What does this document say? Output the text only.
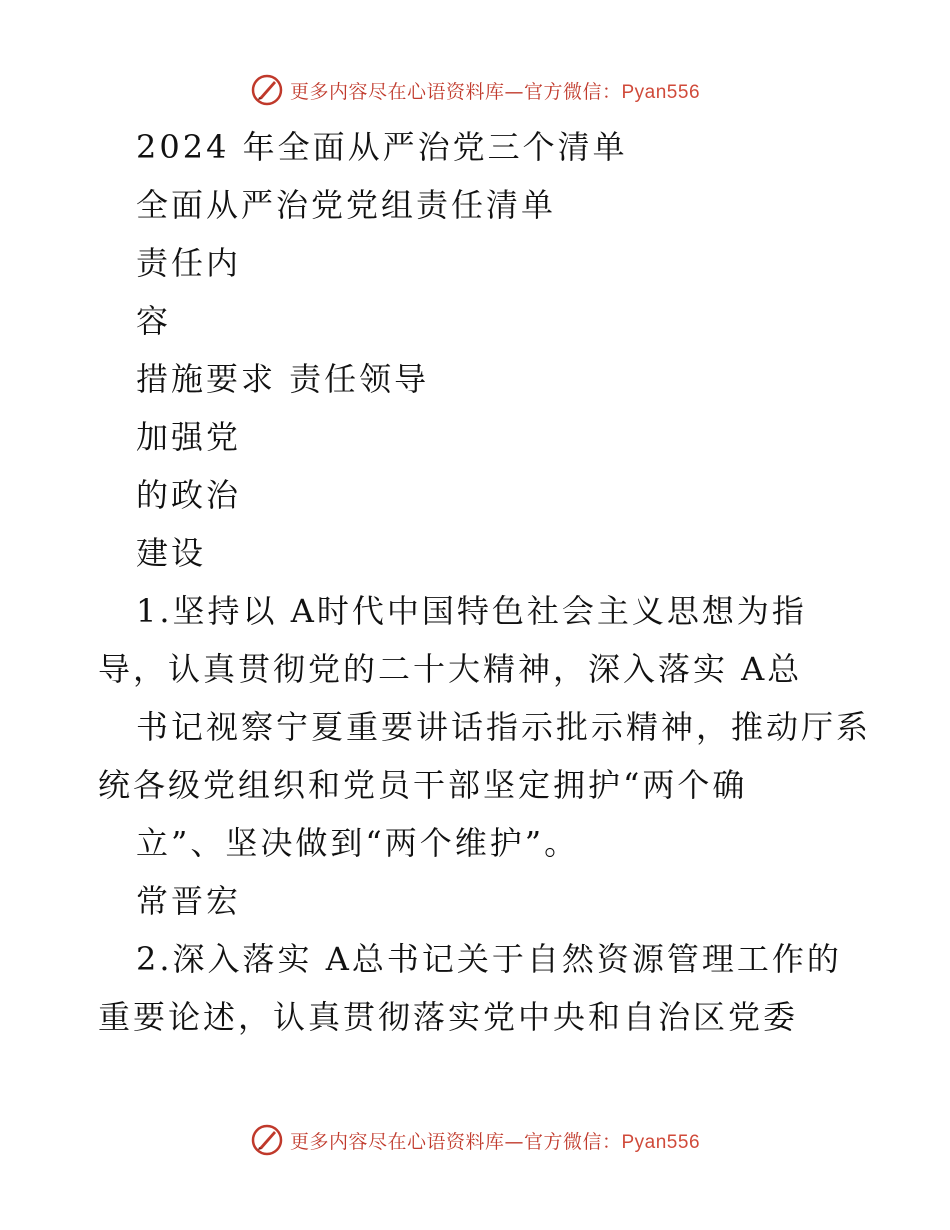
更多内容尽在心语资料库—官方微信：Pyan556
2024 年全面从严治党三个清单
全面从严治党党组责任清单
责任内
容
措施要求 责任领导
加强党
的政治
建设
1.坚持以 A时代中国特色社会主义思想为指
导，认真贯彻党的二十大精神，深入落实 A总
书记视察宁夏重要讲话指示批示精神，推动厅系
统各级党组织和党员干部坚定拥护“两个确
立”、坚决做到“两个维护”。
常晋宏
2.深入落实 A总书记关于自然资源管理工作的
重要论述，认真贯彻落实党中央和自治区党委
更多内容尽在心语资料库—官方微信：Pyan556
